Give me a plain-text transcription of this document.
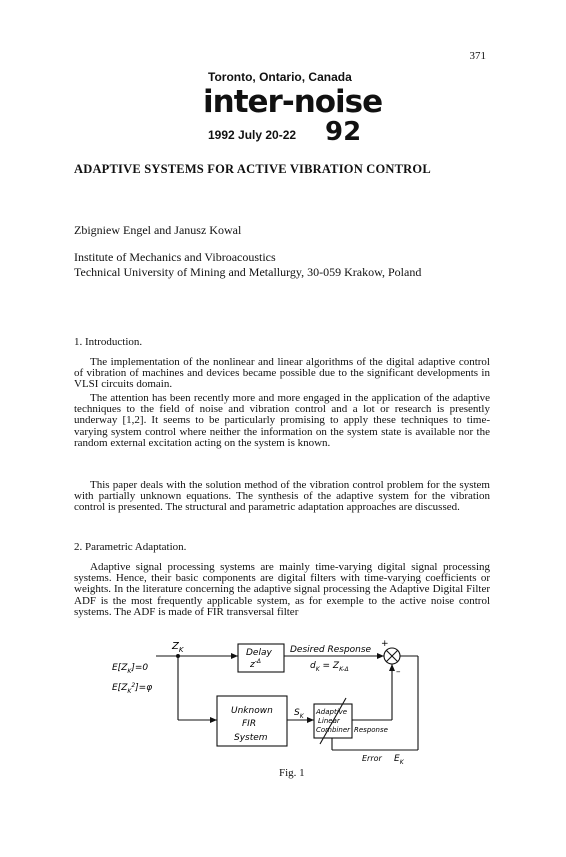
371
Toronto, Ontario, Canada
inter-noise
1992 July 20-22 92
ADAPTIVE SYSTEMS FOR ACTIVE VIBRATION CONTROL
Zbigniew Engel and Janusz Kowal
Institute of Mechanics and Vibroacoustics
Technical University of Mining and Metallurgy, 30-059 Krakow, Poland
1. Introduction.

The implementation of the nonlinear and linear algorithms of the digital adaptive control of vibration of machines and devices became possible due to the significant developments in VLSI circuits domain.

The attention has been recently more and more engaged in the application of the adaptive techniques to the field of noise and vibration control and a lot or research is presently underway [1,2]. It seems to be particularly promising to apply these techniques to time-varying system control where neither the information on the system state is available nor the random external excitation acting on the system is known.

This paper deals with the solution method of the vibration control problem for the system with partially unknown equations. The synthesis of the adaptive system for the vibration control is presented. The structural and parametric adaptation approaches are discussed.

2. Parametric Adaptation.

Adaptive signal processing systems are mainly time-varying digital signal processing systems. Hence, their basic components are digital filters with time-varying coefficients or weights. In the literature concerning the adaptive signal processing the Adaptive Digital Filter ADF is the most frequently applicable system, as for exemple to the active noise control systems. The ADF is made of FIR transversal filter

$Z_K$
$E[Z_K]=0$
$E[Z_K^2]=\varphi$
Delay
$z^{-\Delta}$
Desired Response
+
–
$d_K = Z_{K-\Delta}$
Unknown
FIR
System
$S_K$
Adaptive
Linear
Combiner Response
Error $E_K$
Fig. 1
